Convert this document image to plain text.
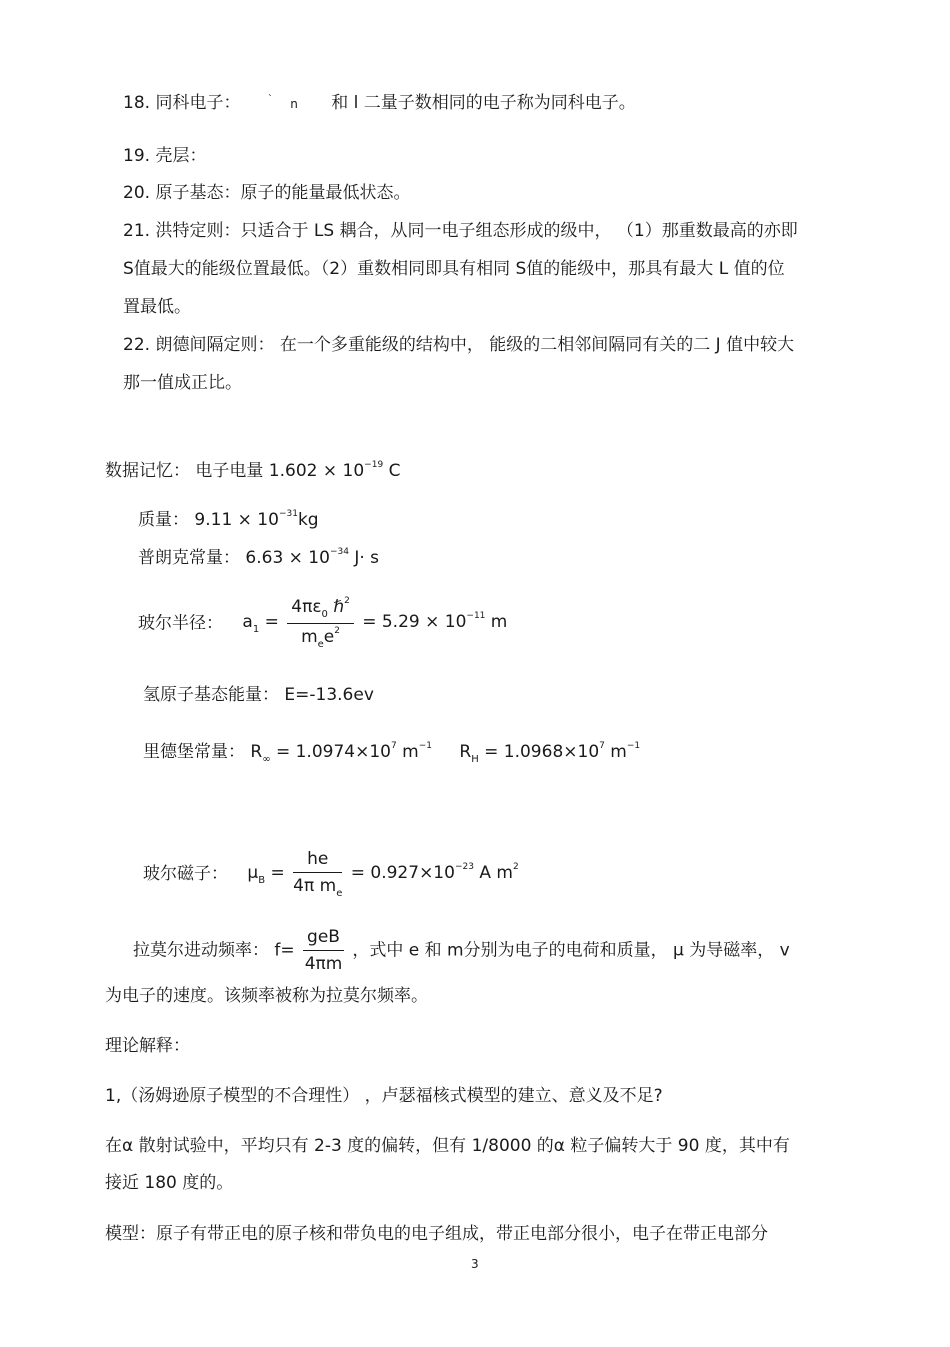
18. 同科电子：	` n 和 l 二量子数相同的电子称为同科电子。
19. 壳层：
20. 原子基态：原子的能量最低状态。
21. 洪特定则：只适合于 LS 耦合，从同一电子组态形成的级中， （1）那重数最高的亦即
S值最大的能级位置最低。（2）重数相同即具有相同 S值的能级中，那具有最大 L 值的位
置最低。
22. 朗德间隔定则： 在一个多重能级的结构中， 能级的二相邻间隔同有关的二 J 值中较大
那一值成正比。
数据记忆： 电子电量 $1.602 \times 10^{-19}$ C
质量： $9.11 \times 10^{-31}kg$
普朗克常量： $6.63 \times 10^{-34}$ J· s
玻尔半径： $a_1 = \frac{4\pi\varepsilon_0 \hbar^2}{m_ee^2} = 5.29 \times 10^{-11}$ m
氢原子基态能量： E=-13.6ev
里德堡常量： $R_\infty = 1.0974\times 10^7$ $m^{-1}$ $R_H = 1.0968\times 10^7$ $m^{-1}$
玻尔磁子： $\mu_B = \frac{he}{4\pi m_e} = 0.927\times 10^{-23}$ A $m^2$
拉莫尔进动频率： $f= \frac{\text{geB}}{4\pi m}$ ，式中 e 和 m分别为电子的电荷和质量， μ 为导磁率， v
为电子的速度。该频率被称为拉莫尔频率。
理论解释：
1,（汤姆逊原子模型的不合理性） ，卢瑟福核式模型的建立、意义及不足?
在α 散射试验中，平均只有 2-3 度的偏转，但有 1/8000 的α 粒子偏转大于 90 度，其中有
接近 180 度的。
模型：原子有带正电的原子核和带负电的电子组成，带正电部分很小，电子在带正电部分
3
